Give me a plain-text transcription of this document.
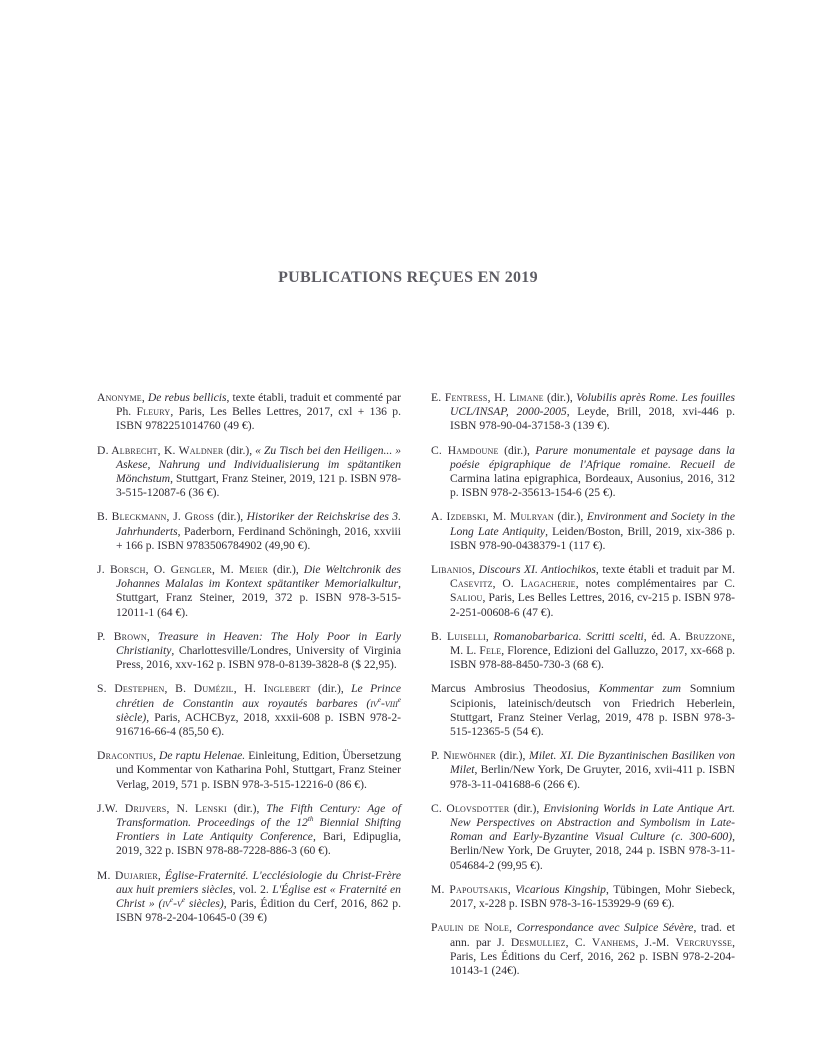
PUBLICATIONS REÇUES EN 2019

Anonyme, De rebus bellicis, texte établi, traduit et commenté par Ph. Fleury, Paris, Les Belles Lettres, 2017, cxl + 136 p. ISBN 9782251014760 (49 €).

D. Albrecht, K. Waldner (dir.), « Zu Tisch bei den Heiligen... » Askese, Nahrung und Individualisierung im spätantiken Mönchstum, Stuttgart, Franz Steiner, 2019, 121 p. ISBN 978-3-515-12087-6 (36 €).

B. Bleckmann, J. Gross (dir.), Historiker der Reichskrise des 3. Jahrhunderts, Paderborn, Ferdinand Schöningh, 2016, xxviii + 166 p. ISBN 9783506784902 (49,90 €).

J. Borsch, O. Gengler, M. Meier (dir.), Die Weltchronik des Johannes Malalas im Kontext spätantiker Memorialkultur, Stuttgart, Franz Steiner, 2019, 372 p. ISBN 978-3-515-12011-1 (64 €).

P. Brown, Treasure in Heaven: The Holy Poor in Early Christianity, Charlottesville/Londres, University of Virginia Press, 2016, xxv-162 p. ISBN 978-0-8139-3828-8 ($ 22,95).

S. Destephen, B. Dumézil, H. Inglebert (dir.), Le Prince chrétien de Constantin aux royautés barbares ($iv^e-viii^e$ siècle), Paris, ACHCByz, 2018, xxxii-608 p. ISBN 978-2-916716-66-4 (85,50 €).

Dracontius, De raptu Helenae. Einleitung, Edition, Übersetzung und Kommentar von Katharina Pohl, Stuttgart, Franz Steiner Verlag, 2019, 571 p. ISBN 978-3-515-12216-0 (86 €).

J.W. Drijvers, N. Lenski (dir.), The Fifth Century: Age of Transformation. Proceedings of the 12th Biennial Shifting Frontiers in Late Antiquity Conference, Bari, Edipuglia, 2019, 322 p. ISBN 978-88-7228-886-3 (60 €).

M. Dujarier, Église-Fraternité. L'ecclésiologie du Christ-Frère aux huit premiers siècles, vol. 2. L'Église est « Fraternité en Christ » ($iv^e-v^e$ siècles), Paris, Édition du Cerf, 2016, 862 p. ISBN 978-2-204-10645-0 (39 €)

E. Fentress, H. Limane (dir.), Volubilis après Rome. Les fouilles UCL/INSAP, 2000-2005, Leyde, Brill, 2018, xvi-446 p. ISBN 978-90-04-37158-3 (139 €).

C. Hamdoune (dir.), Parure monumentale et paysage dans la poésie épigraphique de l'Afrique romaine. Recueil de Carmina latina epigraphica, Bordeaux, Ausonius, 2016, 312 p. ISBN 978-2-35613-154-6 (25 €).

A. Izdebski, M. Mulryan (dir.), Environment and Society in the Long Late Antiquity, Leiden/Boston, Brill, 2019, xix-386 p. ISBN 978-90-0438379-1 (117 €).

Libanios, Discours XI. Antiochikos, texte établi et traduit par M. Casevitz, O. Lagacherie, notes complémentaires par C. Saliou, Paris, Les Belles Lettres, 2016, cv-215 p. ISBN 978-2-251-00608-6 (47 €).

B. Luiselli, Romanobarbarica. Scritti scelti, éd. A. Bruzzone, M. L. Fele, Florence, Edizioni del Galluzzo, 2017, xx-668 p. ISBN 978-88-8450-730-3 (68 €).

Marcus Ambrosius Theodosius, Kommentar zum Somnium Scipionis, lateinisch/deutsch von Friedrich Heberlein, Stuttgart, Franz Steiner Verlag, 2019, 478 p. ISBN 978-3-515-12365-5 (54 €).

P. Niewöhner (dir.), Milet. XI. Die Byzantinischen Basiliken von Milet, Berlin/New York, De Gruyter, 2016, xvii-411 p. ISBN 978-3-11-041688-6 (266 €).

C. Olovsdotter (dir.), Envisioning Worlds in Late Antique Art. New Perspectives on Abstraction and Symbolism in Late-Roman and Early-Byzantine Visual Culture (c. 300-600), Berlin/New York, De Gruyter, 2018, 244 p. ISBN 978-3-11-054684-2 (99,95 €).

M. Papoutsakis, Vicarious Kingship, Tübingen, Mohr Siebeck, 2017, x-228 p. ISBN 978-3-16-153929-9 (69 €).

Paulin de Nole, Correspondance avec Sulpice Sévère, trad. et ann. par J. Desmulliez, C. Vanhems, J.-M. Vercruysse, Paris, Les Éditions du Cerf, 2016, 262 p. ISBN 978-2-204-10143-1 (24€).
